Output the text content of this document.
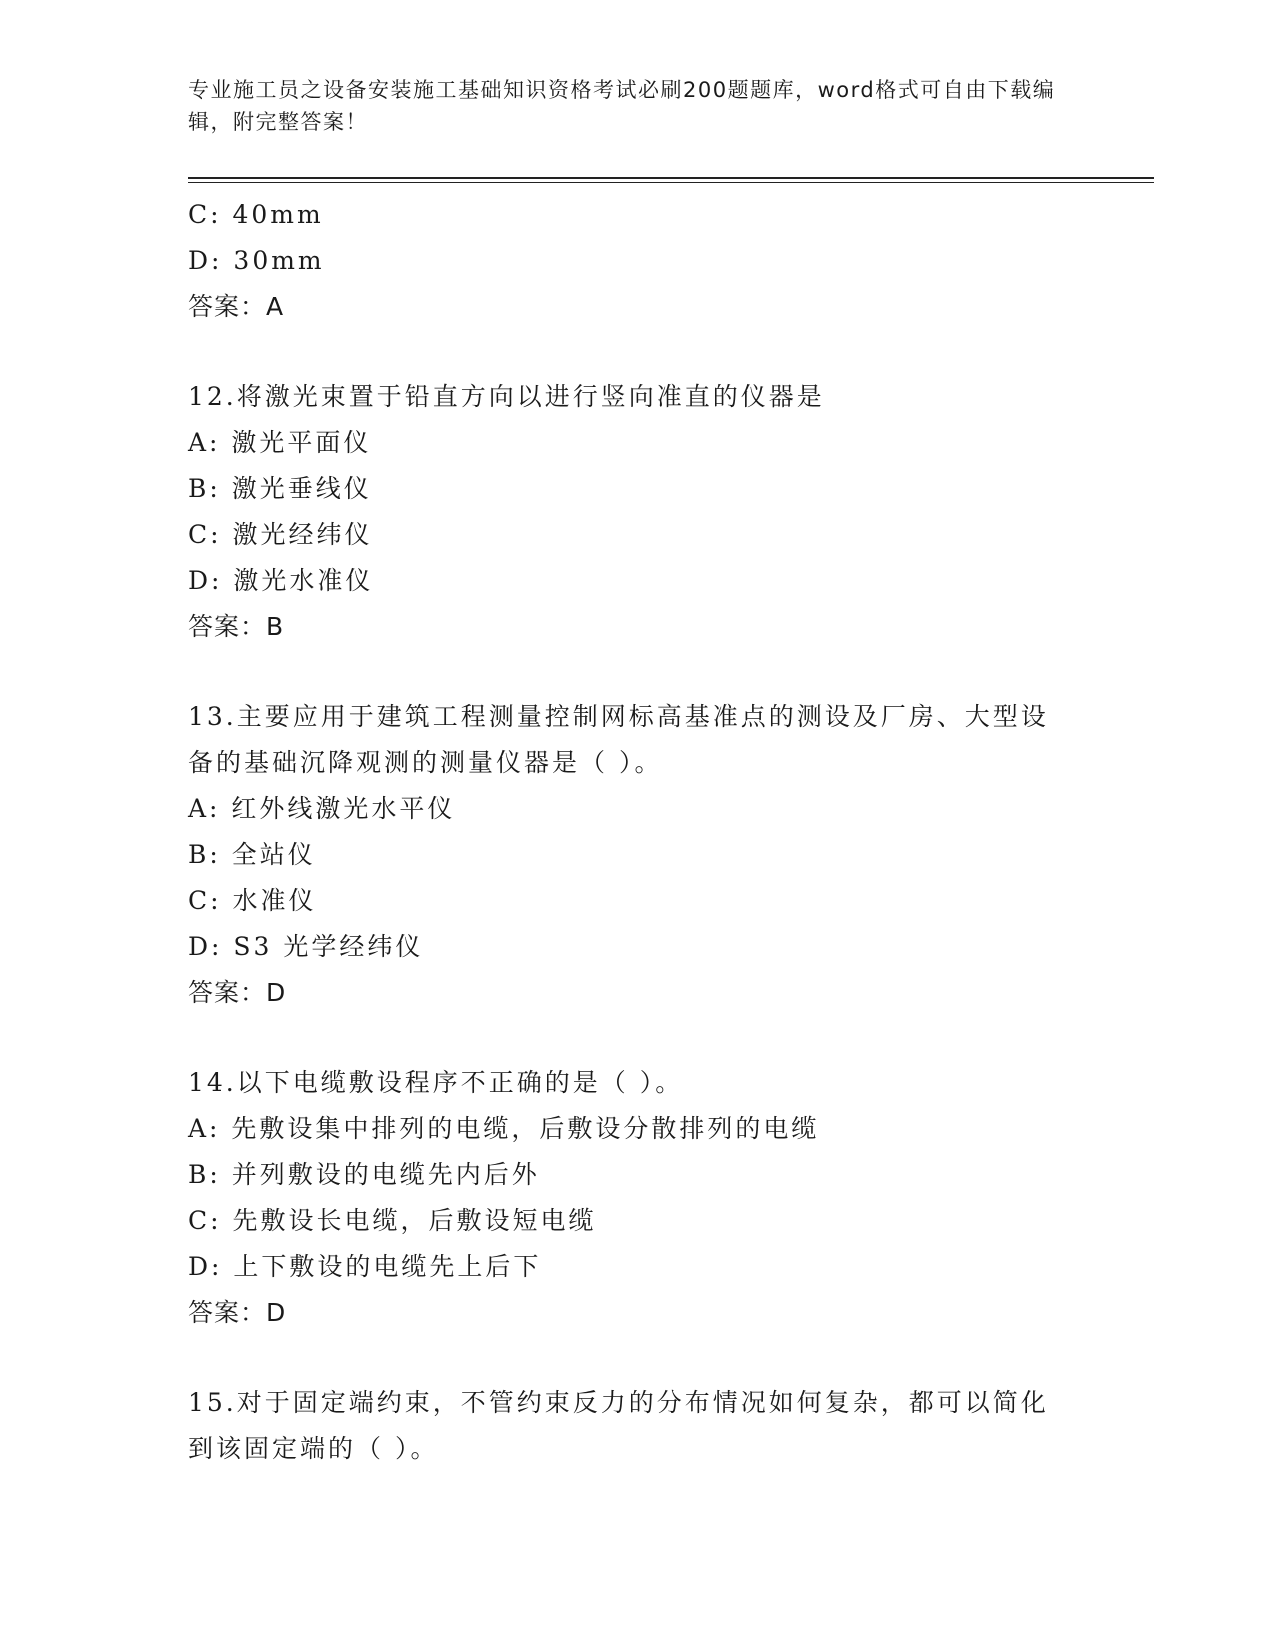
专业施工员之设备安装施工基础知识资格考试必刷200题题库，word格式可自由下载编辑，附完整答案！
C: 40mm
D: 30mm
答案：A
12.将激光束置于铅直方向以进行竖向准直的仪器是
A: 激光平面仪
B: 激光垂线仪
C: 激光经纬仪
D: 激光水准仪
答案：B
13.主要应用于建筑工程测量控制网标高基准点的测设及厂房、大型设备的基础沉降观测的测量仪器是（ ）。
A: 红外线激光水平仪
B: 全站仪
C: 水准仪
D: S3 光学经纬仪
答案：D
14.以下电缆敷设程序不正确的是（ ）。
A: 先敷设集中排列的电缆，后敷设分散排列的电缆
B: 并列敷设的电缆先内后外
C: 先敷设长电缆，后敷设短电缆
D: 上下敷设的电缆先上后下
答案：D
15.对于固定端约束，不管约束反力的分布情况如何复杂，都可以简化到该固定端的（ ）。
